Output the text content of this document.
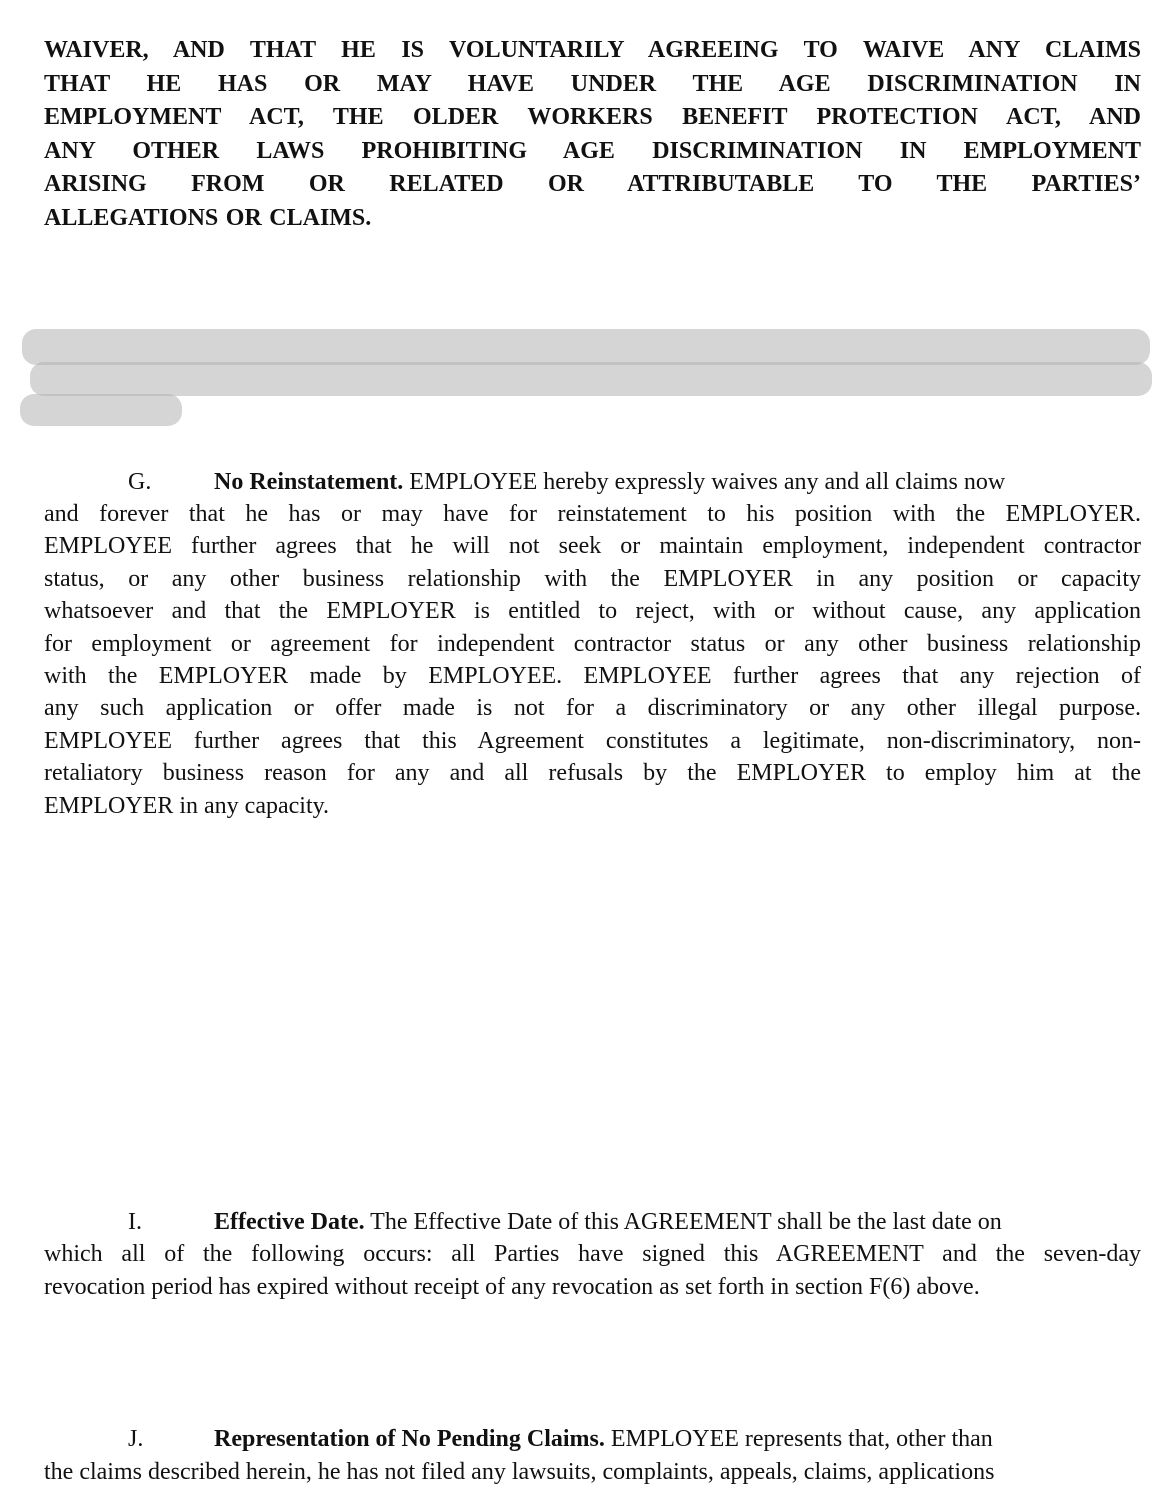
WAIVER, AND THAT HE IS VOLUNTARILY AGREEING TO WAIVE ANY CLAIMS
THAT HE HAS OR MAY HAVE UNDER THE AGE DISCRIMINATION IN
EMPLOYMENT ACT, THE OLDER WORKERS BENEFIT PROTECTION ACT, AND
ANY OTHER LAWS PROHIBITING AGE DISCRIMINATION IN EMPLOYMENT
ARISING FROM OR RELATED OR ATTRIBUTABLE TO THE PARTIES’
ALLEGATIONS OR CLAIMS.
G.	No Reinstatement. EMPLOYEE hereby expressly waives any and all claims now
and forever that he has or may have for reinstatement to his position with the EMPLOYER.
EMPLOYEE further agrees that he will not seek or maintain employment, independent contractor
status, or any other business relationship with the EMPLOYER in any position or capacity
whatsoever and that the EMPLOYER is entitled to reject, with or without cause, any application
for employment or agreement for independent contractor status or any other business relationship
with the EMPLOYER made by EMPLOYEE. EMPLOYEE further agrees that any rejection of
any such application or offer made is not for a discriminatory or any other illegal purpose.
EMPLOYEE further agrees that this Agreement constitutes a legitimate, non-discriminatory, non-
retaliatory business reason for any and all refusals by the EMPLOYER to employ him at the
EMPLOYER in any capacity.
I.	Effective Date. The Effective Date of this AGREEMENT shall be the last date on
which all of the following occurs: all Parties have signed this AGREEMENT and the seven-day
revocation period has expired without receipt of any revocation as set forth in section F(6) above.
J.	Representation of No Pending Claims. EMPLOYEE represents that, other than
the claims described herein, he has not filed any lawsuits, complaints, appeals, claims, applications
